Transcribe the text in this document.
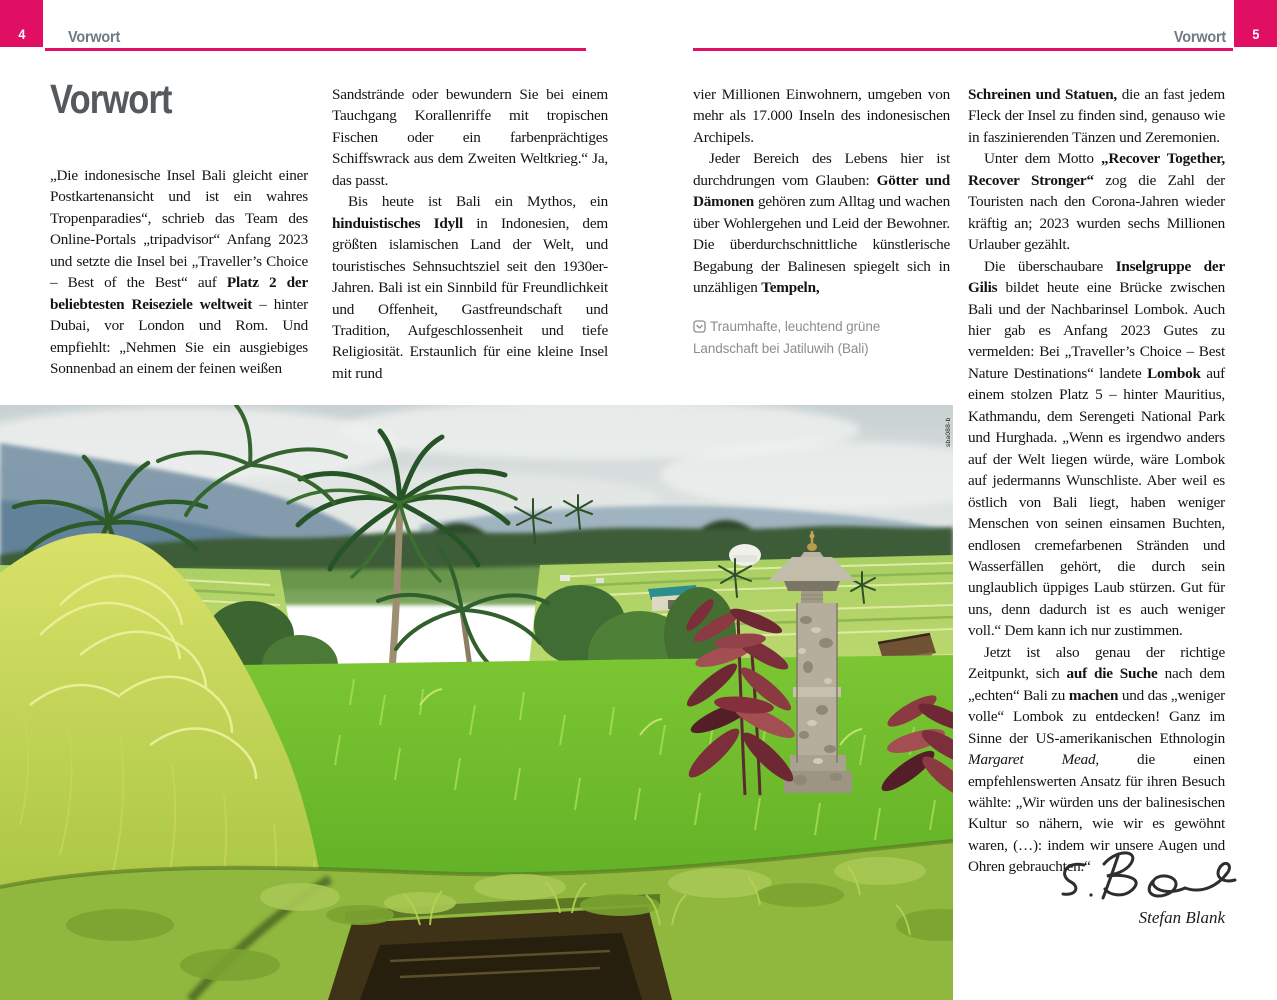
4	Vorwort	5
Vorwort
Vorwort

„Die indonesische Insel Bali gleicht einer Postkartenansicht und ist ein wahres Tropenparadies“, schrieb das Team des Online-Portals „tripadvisor“ Anfang 2023 und setzte die Insel bei „Traveller’s Choice – Best of the Best“ auf Platz 2 der beliebtesten Reiseziele weltweit – hinter Dubai, vor London und Rom. Und empfiehlt: „Nehmen Sie ein ausgiebiges Sonnenbad an einem der feinen weißen

Sandstrände oder bewundern Sie bei einem Tauchgang Korallenriffe mit tropischen Fischen oder ein farbenprächtiges Schiffswrack aus dem Zweiten Weltkrieg.“ Ja, das passt.

Bis heute ist Bali ein Mythos, ein hinduistisches Idyll in Indonesien, dem größten islamischen Land der Welt, und touristisches Sehnsuchtsziel seit den 1930er-Jahren. Bali ist ein Sinnbild für Freundlichkeit und Offenheit, Gastfreundschaft und Tradition, Aufgeschlossenheit und tiefe Religiosität. Erstaunlich für eine kleine Insel mit rund

vier Millionen Einwohnern, umgeben von mehr als 17.000 Inseln des indonesischen Archipels.

Jeder Bereich des Lebens hier ist durchdrungen vom Glauben: Götter und Dämonen gehören zum Alltag und wachen über Wohlergehen und Leid der Bewohner. Die überdurchschnittliche künstlerische Begabung der Balinesen spiegelt sich in unzähligen Tempeln,

Schreinen und Statuen, die an fast jedem Fleck der Insel zu finden sind, genauso wie in faszinierenden Tänzen und Zeremonien.

Unter dem Motto „Recover Together, Recover Stronger“ zog die Zahl der Touristen nach den Corona-Jahren wieder kräftig an; 2023 wurden sechs Millionen Urlauber gezählt.

Die überschaubare Inselgruppe der Gilis bildet heute eine Brücke zwischen Bali und der Nachbarinsel Lombok. Auch hier gab es Anfang 2023 Gutes zu vermelden: Bei „Traveller’s Choice – Best Nature Destinations“ landete Lombok auf einem stolzen Platz 5 – hinter Mauritius, Kathmandu, dem Serengeti National Park und Hurghada. „Wenn es irgendwo anders auf der Welt liegen würde, wäre Lombok auf jedermanns Wunschliste. Aber weil es östlich von Bali liegt, haben weniger Menschen von seinen einsamen Buchten, endlosen cremefarbenen Stränden und Wasserfällen gehört, die durch sein unglaublich üppiges Laub stürzen. Gut für uns, denn dadurch ist es auch weniger voll.“ Dem kann ich nur zustimmen.

Jetzt ist also genau der richtige Zeitpunkt, sich auf die Suche nach dem „echten“ Bali zu machen und das „weniger volle“ Lombok zu entdecken! Ganz im Sinne der US-amerikanischen Ethnologin Margaret Mead, die einen empfehlenswerten Ansatz für ihren Besuch wählte: „Wir würden uns der balinesischen Kultur so nähern, wie wir es gewöhnt waren, (…): indem wir unsere Augen und Ohren gebrauchten.“

Traumhafte, leuchtend grüne Landschaft bei Jatiluwih (Bali)
sba088-b
Stefan Blank
